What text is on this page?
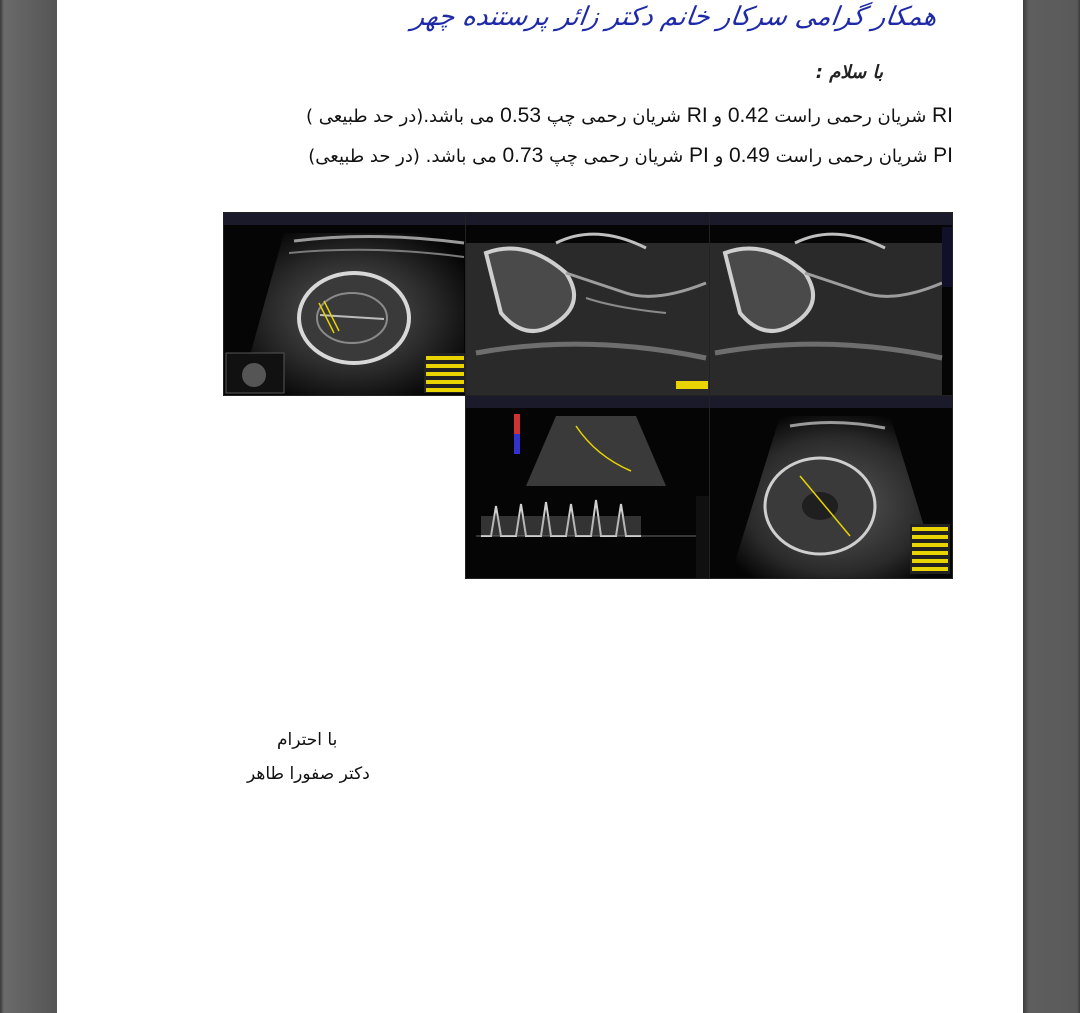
همکار گرامی سرکار خانم دکتر زائر پرستنده چهر
با سلام :
RI شریان رحمی راست 0.42 و RI شریان رحمی چپ 0.53 می باشد.(در حد طبیعی )
PI شریان رحمی راست 0.49 و PI شریان رحمی چپ 0.73 می باشد. (در حد طبیعی)
با احترام
دکتر صفورا طاهر
